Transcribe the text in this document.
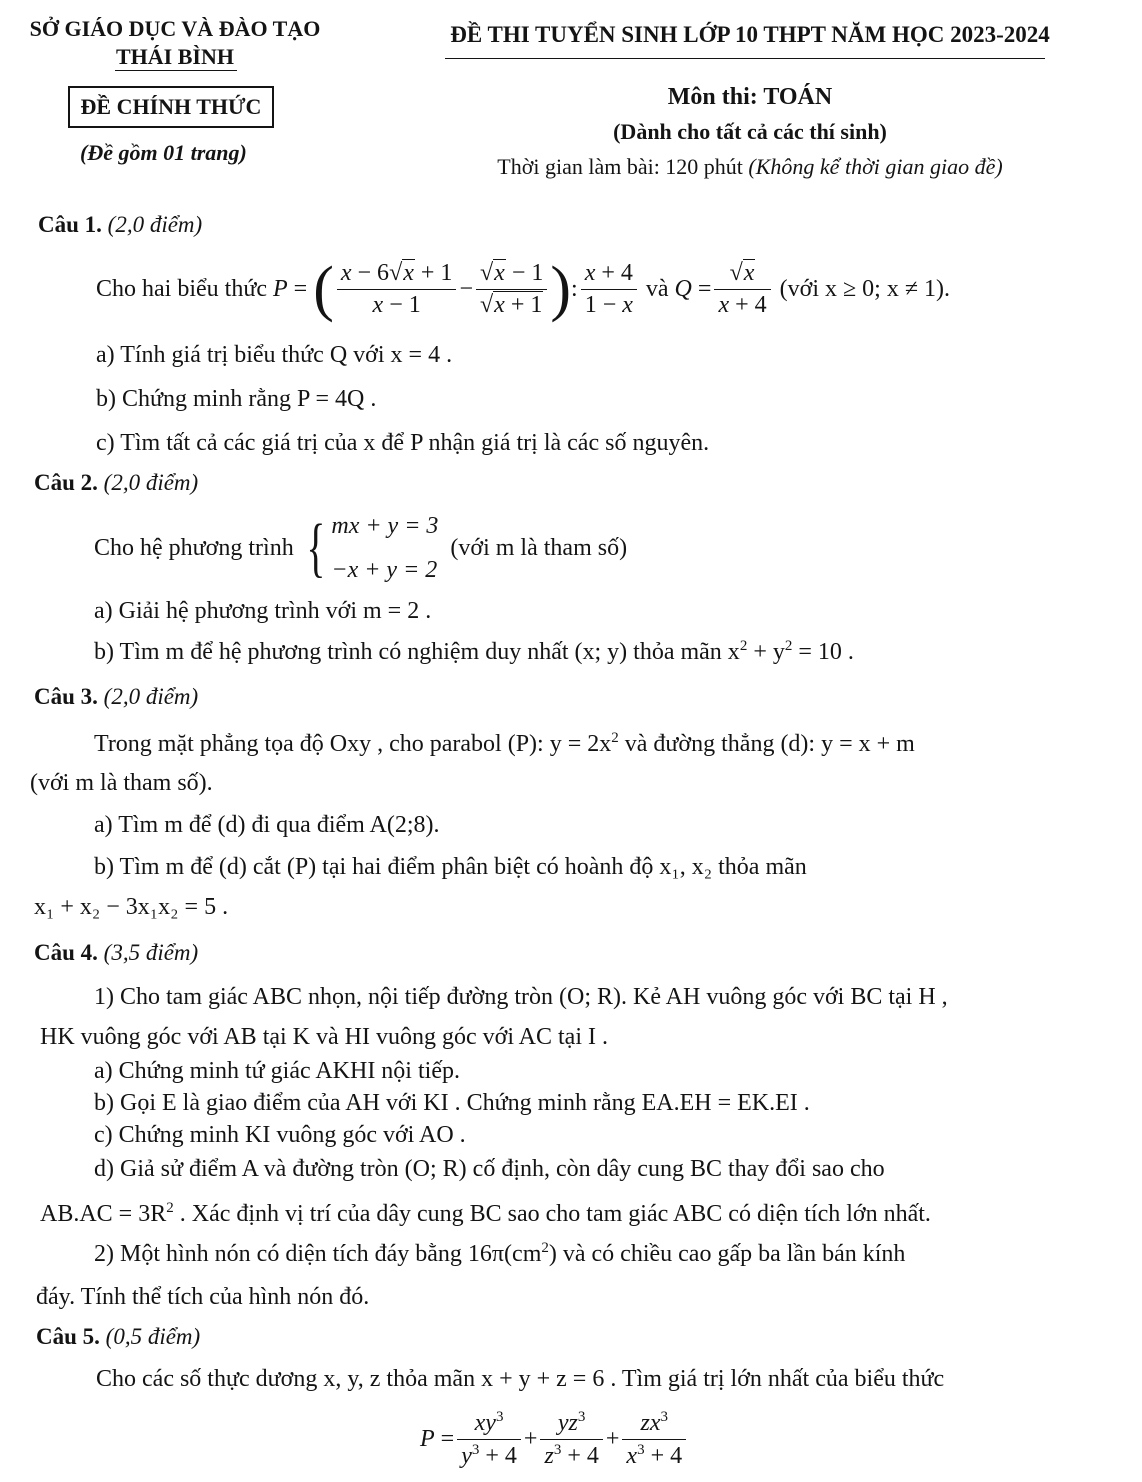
SỞ GIÁO DỤC VÀ ĐÀO TẠO
THÁI BÌNH
ĐỀ CHÍNH THỨC
(Đề gồm 01 trang)
ĐỀ THI TUYỂN SINH LỚP 10 THPT NĂM HỌC 2023-2024
Môn thi: TOÁN
(Dành cho tất cả các thí sinh)
Thời gian làm bài: 120 phút (Không kể thời gian giao đề)
Câu 1. (2,0 điểm)
Cho hai biểu thức
P = ( $\frac{x - 6√x + 1}{x - 1} - \frac{√x - 1}{√x + 1}$ ) : $\frac{x + 4}{1 - x}$
và
$Q = \frac{√x}{x + 4}$
(với x ≥ 0; x ≠ 1).
a) Tính giá trị biểu thức Q với x = 4 .
b) Chứng minh rằng P = 4Q .
c) Tìm tất cả các giá trị của x để P nhận giá trị là các số nguyên.
Câu 2. (2,0 điểm)
Cho hệ phương trình
{ mx + y = 3
−x + y = 2

(với m là tham số)
a) Giải hệ phương trình với m = 2 .
b) Tìm m để hệ phương trình có nghiệm duy nhất (x; y) thỏa mãn $x^2 + y^2 = 10$ .
Câu 3. (2,0 điểm)
Trong mặt phẳng tọa độ Oxy , cho parabol (P): $y = 2x^2$ và đường thẳng (d): y = x + m
(với m là tham số).
a) Tìm m để (d) đi qua điểm A(2;8).
b) Tìm m để (d) cắt (P) tại hai điểm phân biệt có hoành độ x₁, x₂ thỏa mãn
x₁ + x₂ − 3x₁x₂ = 5 .
Câu 4. (3,5 điểm)
1) Cho tam giác ABC nhọn, nội tiếp đường tròn (O; R). Kẻ AH vuông góc với BC tại H ,
HK vuông góc với AB tại K và HI vuông góc với AC tại I .
a) Chứng minh tứ giác AKHI nội tiếp.
b) Gọi E là giao điểm của AH với KI . Chứng minh rằng EA.EH = EK.EI .
c) Chứng minh KI vuông góc với AO .
d) Giả sử điểm A và đường tròn (O; R) cố định, còn dây cung BC thay đổi sao cho
$AB.AC = 3R^2$ . Xác định vị trí của dây cung BC sao cho tam giác ABC có diện tích lớn nhất.
2) Một hình nón có diện tích đáy bằng $16\pi(cm^2)$ và có chiều cao gấp ba lần bán kính
đáy. Tính thể tích của hình nón đó.
Câu 5. (0,5 điểm)
Cho các số thực dương x, y, z thỏa mãn x + y + z = 6 . Tìm giá trị lớn nhất của biểu thức
$P = \frac{xy^3}{y^3 + 4} + \frac{yz^3}{z^3 + 4} + \frac{zx^3}{x^3 + 4}$
